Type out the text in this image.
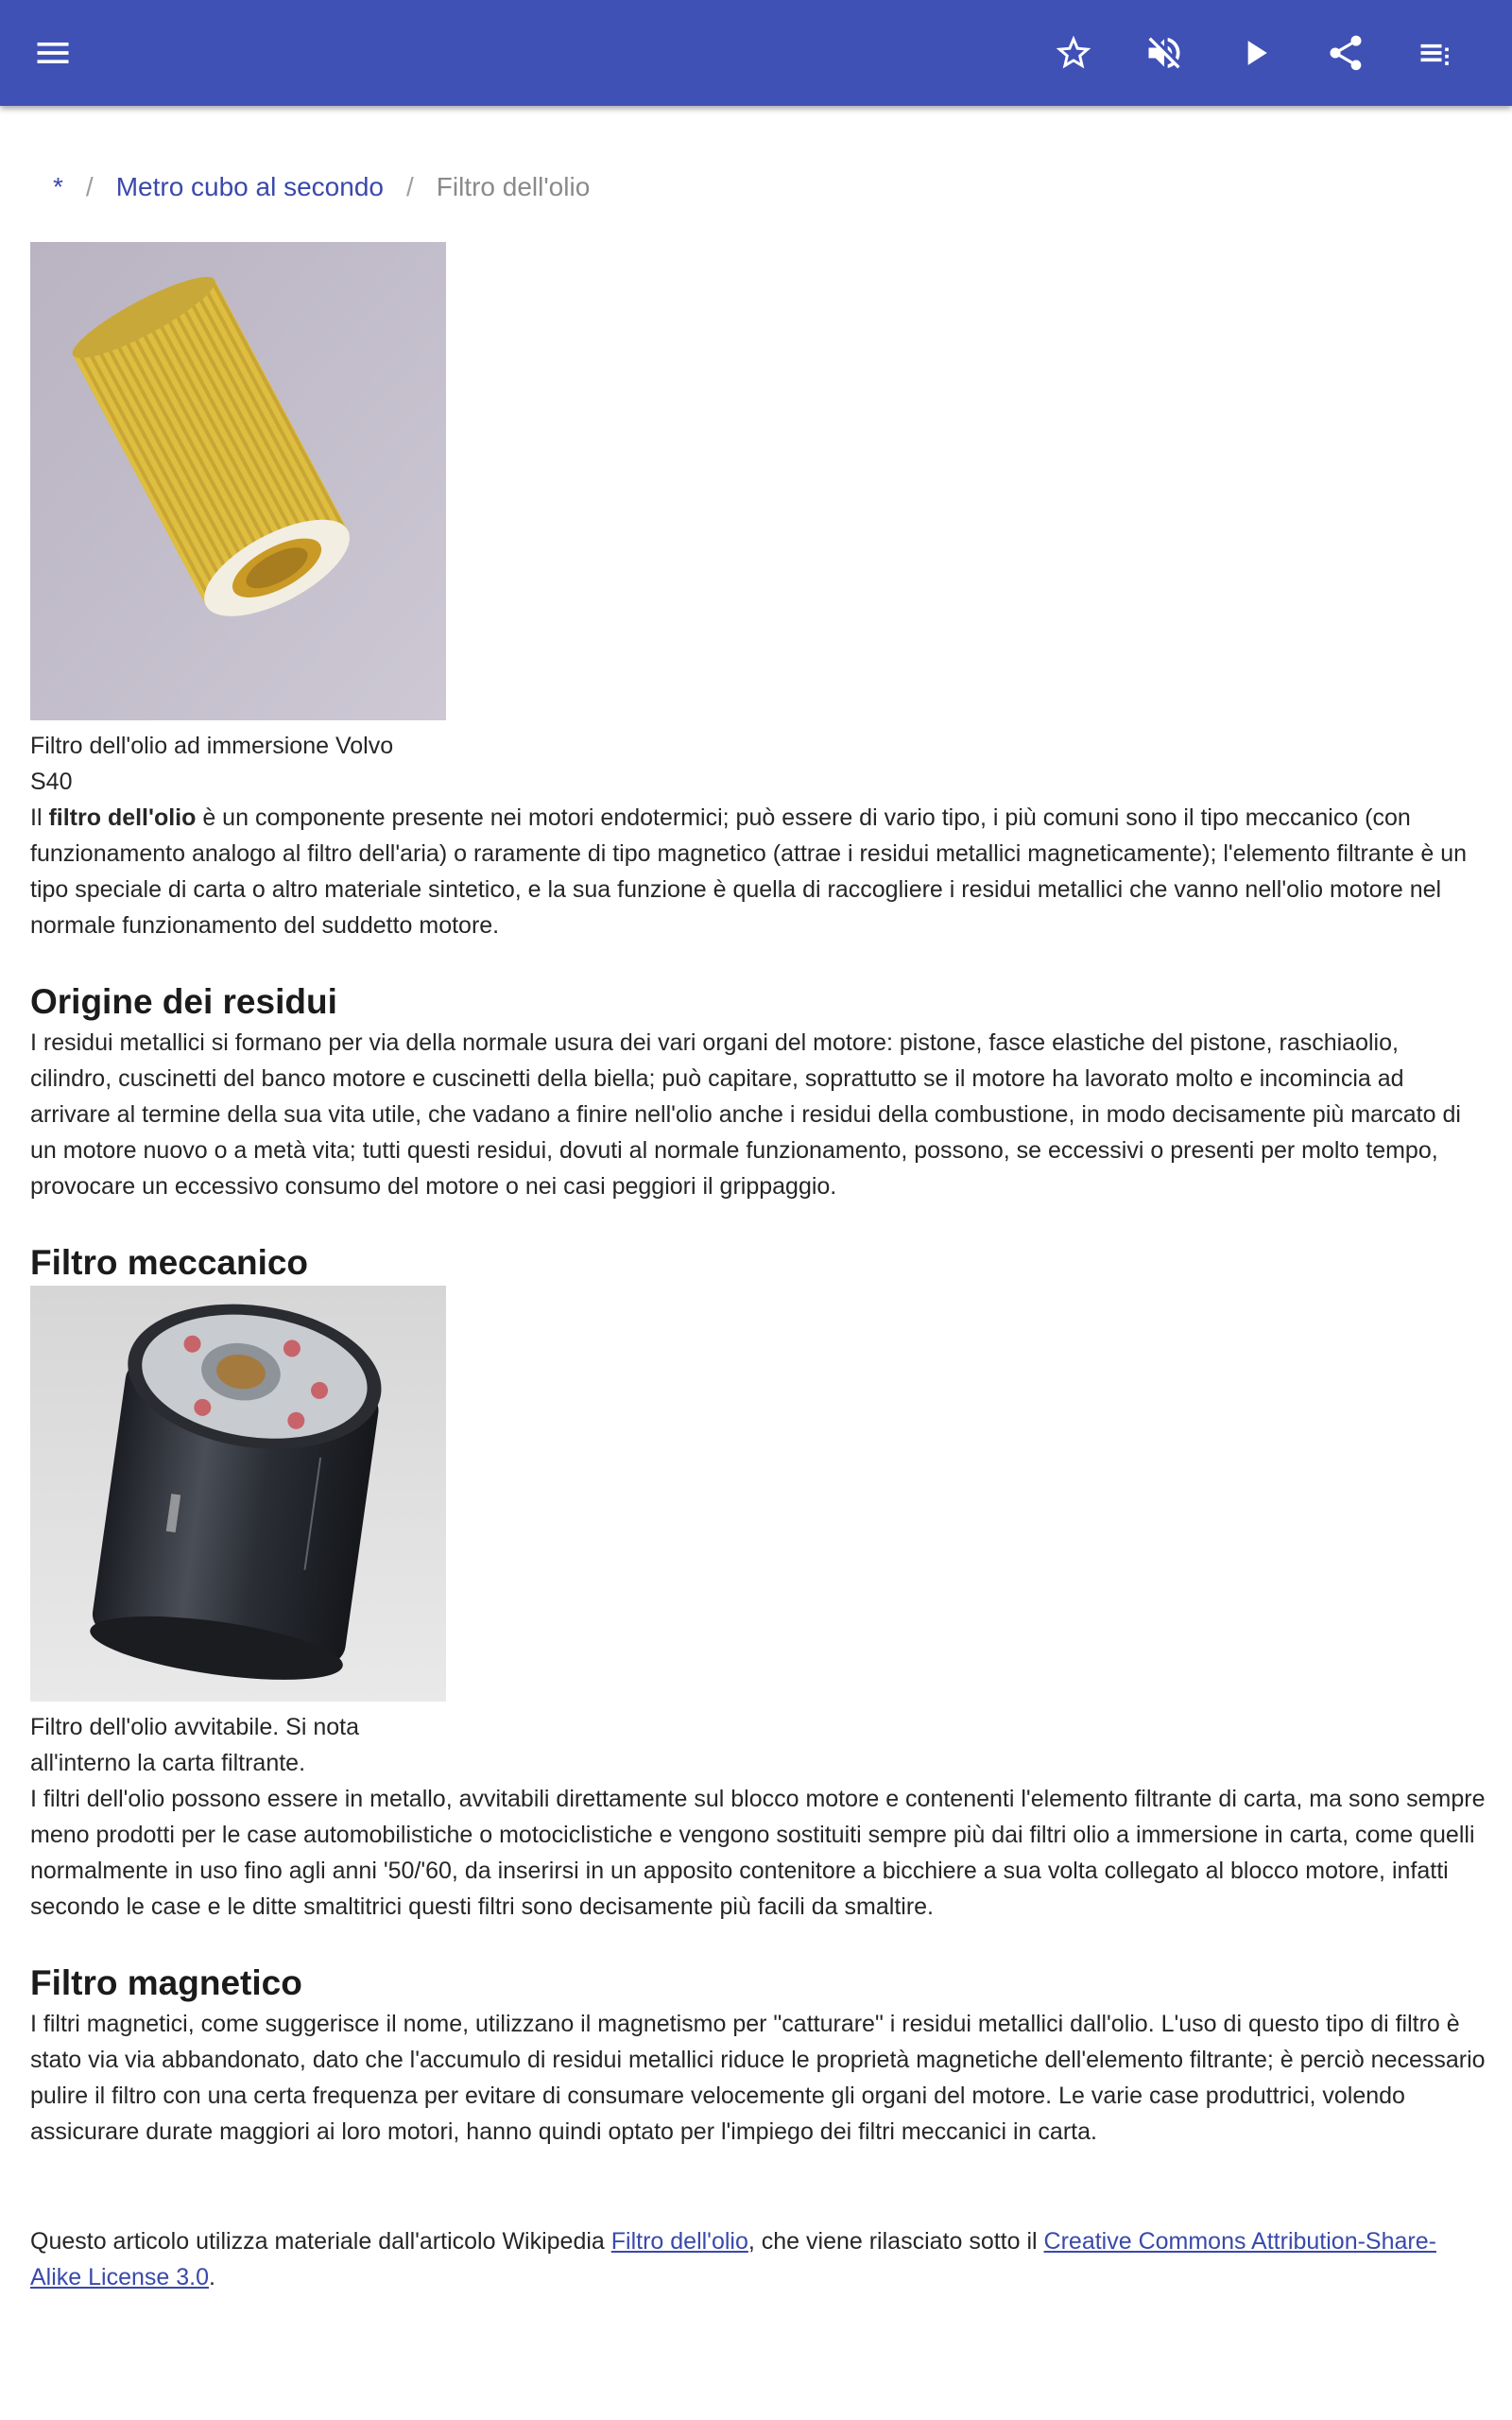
* / Metro cubo al secondo / Filtro dell'olio
Filtro dell'olio ad immersione Volvo
S40

Il filtro dell'olio è un componente presente nei motori endotermici; può essere di vario tipo, i più comuni sono il tipo meccanico (con funzionamento analogo al filtro dell'aria) o raramente di tipo magnetico (attrae i residui metallici magneticamente); l'elemento filtrante è un tipo speciale di carta o altro materiale sintetico, e la sua funzione è quella di raccogliere i residui metallici che vanno nell'olio motore nel normale funzionamento del suddetto motore.

Origine dei residui

I residui metallici si formano per via della normale usura dei vari organi del motore: pistone, fasce elastiche del pistone, raschiaolio, cilindro, cuscinetti del banco motore e cuscinetti della biella; può capitare, soprattutto se il motore ha lavorato molto e incomincia ad arrivare al termine della sua vita utile, che vadano a finire nell'olio anche i residui della combustione, in modo decisamente più marcato di un motore nuovo o a metà vita; tutti questi residui, dovuti al normale funzionamento, possono, se eccessivi o presenti per molto tempo, provocare un eccessivo consumo del motore o nei casi peggiori il grippaggio.

Filtro meccanico
Filtro dell'olio avvitabile. Si nota
all'interno la carta filtrante.

I filtri dell'olio possono essere in metallo, avvitabili direttamente sul blocco motore e contenenti l'elemento filtrante di carta, ma sono sempre meno prodotti per le case automobilistiche o motociclistiche e vengono sostituiti sempre più dai filtri olio a immersione in carta, come quelli normalmente in uso fino agli anni '50/'60, da inserirsi in un apposito contenitore a bicchiere a sua volta collegato al blocco motore, infatti secondo le case e le ditte smaltitrici questi filtri sono decisamente più facili da smaltire.

Filtro magnetico

I filtri magnetici, come suggerisce il nome, utilizzano il magnetismo per "catturare" i residui metallici dall'olio. L'uso di questo tipo di filtro è stato via via abbandonato, dato che l'accumulo di residui metallici riduce le proprietà magnetiche dell'elemento filtrante; è perciò necessario pulire il filtro con una certa frequenza per evitare di consumare velocemente gli organi del motore. Le varie case produttrici, volendo assicurare durate maggiori ai loro motori, hanno quindi optato per l'impiego dei filtri meccanici in carta.

Questo articolo utilizza materiale dall'articolo Wikipedia Filtro dell'olio, che viene rilasciato sotto il Creative Commons Attribution-Share-Alike License 3.0.
